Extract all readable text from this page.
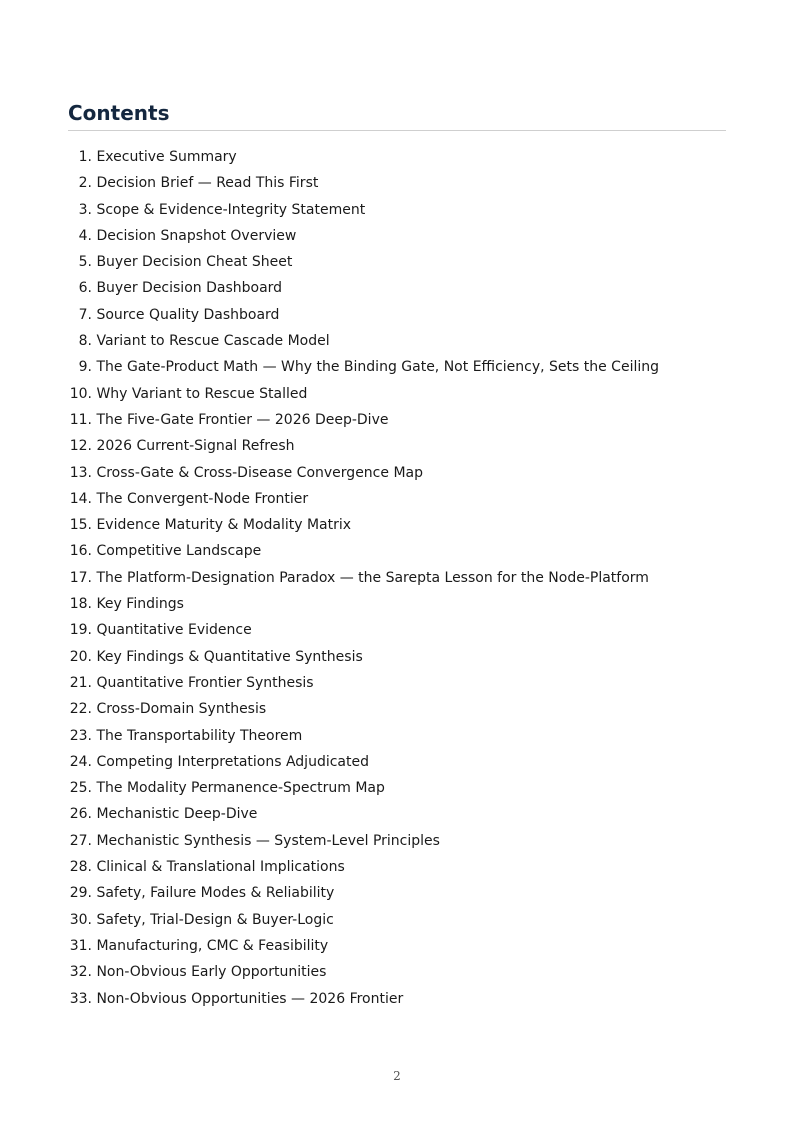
Contents
1.
Executive Summary
2.
Decision Brief — Read This First
3.
Scope & Evidence-Integrity Statement
4.
Decision Snapshot Overview
5.
Buyer Decision Cheat Sheet
6.
Buyer Decision Dashboard
7.
Source Quality Dashboard
8.
Variant to Rescue Cascade Model
9.
The Gate-Product Math — Why the Binding Gate, Not Efficiency, Sets the Ceiling
10.
Why Variant to Rescue Stalled
11.
The Five-Gate Frontier — 2026 Deep-Dive
12.
2026 Current-Signal Refresh
13.
Cross-Gate & Cross-Disease Convergence Map
14.
The Convergent-Node Frontier
15.
Evidence Maturity & Modality Matrix
16.
Competitive Landscape
17.
The Platform-Designation Paradox — the Sarepta Lesson for the Node-Platform
18.
Key Findings
19.
Quantitative Evidence
20.
Key Findings & Quantitative Synthesis
21.
Quantitative Frontier Synthesis
22.
Cross-Domain Synthesis
23.
The Transportability Theorem
24.
Competing Interpretations Adjudicated
25.
The Modality Permanence-Spectrum Map
26.
Mechanistic Deep-Dive
27.
Mechanistic Synthesis — System-Level Principles
28.
Clinical & Translational Implications
29.
Safety, Failure Modes & Reliability
30.
Safety, Trial-Design & Buyer-Logic
31.
Manufacturing, CMC & Feasibility
32.
Non-Obvious Early Opportunities
33.
Non-Obvious Opportunities — 2026 Frontier
2
